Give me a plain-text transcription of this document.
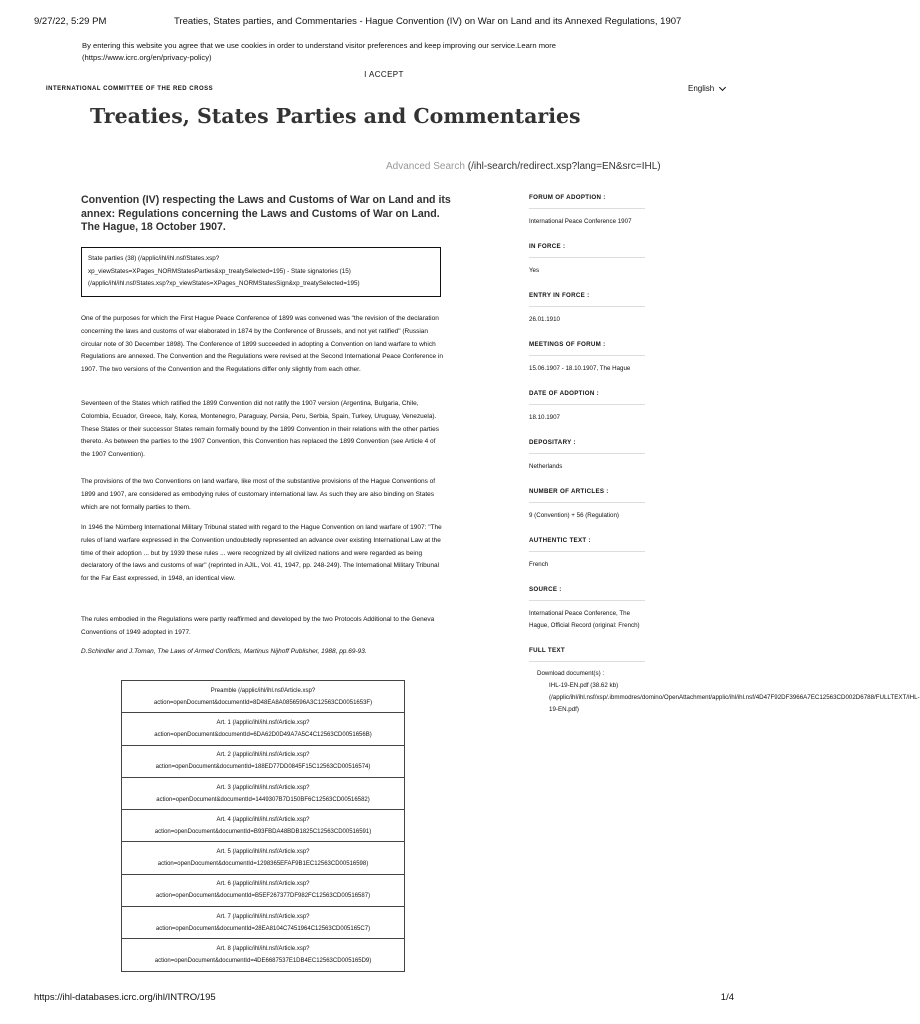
9/27/22, 5:29 PM	Treaties, States parties, and Commentaries - Hague Convention (IV) on War on Land and its Annexed Regulations, 1907
By entering this website you agree that we use cookies in order to understand visitor preferences and keep improving our service.Learn more (https://www.icrc.org/en/privacy-policy)
I ACCEPT
INTERNATIONAL COMMITTEE OF THE RED CROSS	English
Treaties, States Parties and Commentaries
Advanced Search (/ihl-search/redirect.xsp?lang=EN&src=IHL)
Convention (IV) respecting the Laws and Customs of War on Land and its annex: Regulations concerning the Laws and Customs of War on Land. The Hague, 18 October 1907.
State parties (38) (/applic/ihl/ihl.nsf/States.xsp?
xp_viewStates=XPages_NORMStatesParties&xp_treatySelected=195) - State signatories (15)
(/applic/ihl/ihl.nsf/States.xsp?xp_viewStates=XPages_NORMStatesSign&xp_treatySelected=195)

One of the purposes for which the First Hague Peace Conference of 1899 was convened was "the revision of the declaration concerning the laws and customs of war elaborated in 1874 by the Conference of Brussels, and not yet ratified" (Russian circular note of 30 December 1898). The Conference of 1899 succeeded in adopting a Convention on land warfare to which Regulations are annexed. The Convention and the Regulations were revised at the Second International Peace Conference in 1907. The two versions of the Convention and the Regulations differ only slightly from each other.

Seventeen of the States which ratified the 1899 Convention did not ratify the 1907 version (Argentina, Bulgaria, Chile, Colombia, Ecuador, Greece, Italy, Korea, Montenegro, Paraguay, Persia, Peru, Serbia, Spain, Turkey, Uruguay, Venezuela). These States or their successor States remain formally bound by the 1899 Convention in their relations with the other parties thereto. As between the parties to the 1907 Convention, this Convention has replaced the 1899 Convention (see Article 4 of the 1907 Convention).

The provisions of the two Conventions on land warfare, like most of the substantive provisions of the Hague Conventions of 1899 and 1907, are considered as embodying rules of customary international law. As such they are also binding on States which are not formally parties to them.

In 1946 the Nürnberg International Military Tribunal stated with regard to the Hague Convention on land warfare of 1907: "The rules of land warfare expressed in the Convention undoubtedly represented an advance over existing International Law at the time of their adoption ... but by 1939 these rules ... were recognized by all civilized nations and were regarded as being declaratory of the laws and customs of war" (reprinted in AJIL, Vol. 41, 1947, pp. 248-249). The International Military Tribunal for the Far East expressed, in 1948, an identical view.

The rules embodied in the Regulations were partly reaffirmed and developed by the two Protocols Additional to the Geneva Conventions of 1949 adopted in 1977.

D.Schindler and J.Toman, The Laws of Armed Conflicts, Martinus Nijhoff Publisher, 1988, pp.69-93.

Preamble (/applic/ihl/ihl.nsf/Article.xsp?
action=openDocument&documentId=8D48EA8A0856596A3C12563CD0051653F)

Art. 1 (/applic/ihl/ihl.nsf/Article.xsp?
action=openDocument&documentId=6DA62D0D49A7A5C4C12563CD0051656B)

Art. 2 (/applic/ihl/ihl.nsf/Article.xsp?
action=openDocument&documentId=188ED77DD0845F15C12563CD00516574)

Art. 3 (/applic/ihl/ihl.nsf/Article.xsp?
action=openDocument&documentId=1449307B7D150BF6C12563CD00516582)

Art. 4 (/applic/ihl/ihl.nsf/Article.xsp?
action=openDocument&documentId=B93FBDA48BDB1825C12563CD00516591)

Art. 5 (/applic/ihl/ihl.nsf/Article.xsp?
action=openDocument&documentId=1298365EFAF9B1EC12563CD00516598)

Art. 6 (/applic/ihl/ihl.nsf/Article.xsp?
action=openDocument&documentId=B5EF267377DF982FC12563CD00516587)

Art. 7 (/applic/ihl/ihl.nsf/Article.xsp?
action=openDocument&documentId=28EA8104C7451964C12563CD005165C7)

Art. 8 (/applic/ihl/ihl.nsf/Article.xsp?
action=openDocument&documentId=4DE6687537E1DB4EC12563CD005165D9)
FORUM OF ADOPTION :
International Peace Conference 1907
IN FORCE :
Yes
ENTRY IN FORCE :
26.01.1910
MEETINGS OF FORUM :
15.06.1907 - 18.10.1907, The Hague
DATE OF ADOPTION :
18.10.1907
DEPOSITARY :
Netherlands
NUMBER OF ARTICLES :
9 (Convention) + 56 (Regulation)
AUTHENTIC TEXT :
French
SOURCE :
International Peace Conference, The Hague, Official Record (original: French)
FULL TEXT
Download document(s) :
IHL-19-EN.pdf (38.62 kb)
(/applic/ihl/ihl.nsf/xsp/.ibmmodres/domino/OpenAttachment/applic/ihl/ihl.nsf/4D47F92DF3966A7EC12563CD002D6788/FULLTEXT/IHL-
19-EN.pdf)
https://ihl-databases.icrc.org/ihl/INTRO/195	1/4
